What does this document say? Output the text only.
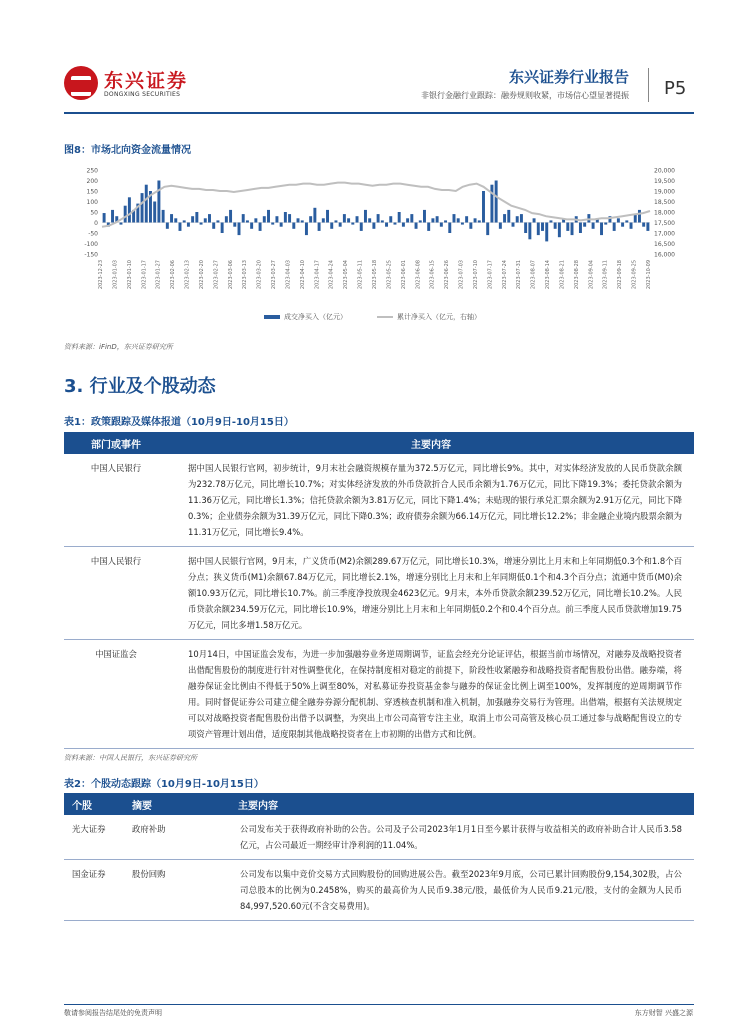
东兴证券
DONGXING SECURITIES
东兴证券行业报告
非银行金融行业跟踪：融券规则收紧，市场信心望显著提振 P5
图8：市场北向资金流量情况
250
200
150
100
50
0
-50
-100
-150
20,000
19,500
19,000
18,500
18,000
17,500
17,000
16,500
16,000
2023-12-23 2023-01-03 2023-01-10 2023-01-17 2023-01-27 2023-02-06 2023-02-13 2023-02-20 2023-02-27 2023-03-06 2023-03-13 2023-03-20 2023-03-27 2023-04-03 2023-04-10 2023-04-17 2023-04-24 2023-05-04 2023-05-11 2023-05-18 2023-05-25 2023-06-01 2023-06-08 2023-06-15 2023-06-26 2023-07-03 2023-07-10 2023-07-17 2023-07-24 2023-07-31 2023-08-07 2023-08-14 2023-08-21 2023-08-28 2023-09-04 2023-09-11 2023-09-18 2023-09-25 2023-10-09
成交净买入（亿元）	累计净买入（亿元，右轴）
资料来源：iFinD，东兴证券研究所
3. 行业及个股动态
表1：政策跟踪及媒体报道（10月9日-10月15日）
部门或事件	主要内容
中国人民银行	据中国人民银行官网，初步统计，9月末社会融资规模存量为372.5万亿元，同比增长9%。其中，对实体经济发放的人民币贷款余额为232.78万亿元，同比增长10.7%；对实体经济发放的外币贷款折合人民币余额为1.76万亿元，同比下降19.3%；委托贷款余额为11.36万亿元，同比增长1.3%；信托贷款余额为3.81万亿元，同比下降1.4%；未贴现的银行承兑汇票余额为2.91万亿元，同比下降0.3%；企业债券余额为31.39万亿元，同比下降0.3%；政府债券余额为66.14万亿元，同比增长12.2%；非金融企业境内股票余额为11.31万亿元，同比增长9.4%。
中国人民银行	据中国人民银行官网，9月末，广义货币(M2)余额289.67万亿元，同比增长10.3%，增速分别比上月末和上年同期低0.3个和1.8个百分点；狭义货币(M1)余额67.84万亿元，同比增长2.1%，增速分别比上月末和上年同期低0.1个和4.3个百分点；流通中货币(M0)余额10.93万亿元，同比增长10.7%。前三季度净投放现金4623亿元。9月末，本外币贷款余额239.52万亿元，同比增长10.2%。人民币贷款余额234.59万亿元，同比增长10.9%，增速分别比上月末和上年同期低0.2个和0.4个百分点。前三季度人民币贷款增加19.75万亿元，同比多增1.58万亿元。
中国证监会	10月14日，中国证监会发布，为进一步加强融券业务逆周期调节，证监会经充分论证评估，根据当前市场情况，对融券及战略投资者出借配售股份的制度进行针对性调整优化，在保持制度相对稳定的前提下，阶段性收紧融券和战略投资者配售股份出借。融券端，将融券保证金比例由不得低于50%上调至80%，对私募证券投资基金参与融券的保证金比例上调至100%，发挥制度的逆周期调节作用。同时督促证券公司建立健全融券券源分配机制、穿透核查机制和准入机制，加强融券交易行为管理。出借端，根据有关法规规定可以对战略投资者配售股份出借予以调整，为突出上市公司高管专注主业，取消上市公司高管及核心员工通过参与战略配售设立的专项资产管理计划出借，适度限制其他战略投资者在上市初期的出借方式和比例。
资料来源：中国人民银行，东兴证券研究所
表2：个股动态跟踪（10月9日-10月15日）
个股	摘要	主要内容
光大证券	政府补助	公司发布关于获得政府补助的公告。公司及子公司2023年1月1日至今累计获得与收益相关的政府补助合计人民币3.58亿元，占公司最近一期经审计净利润的11.04%。
国金证券	股份回购	公司发布以集中竞价交易方式回购股份的回购进展公告。截至2023年9月底，公司已累计回购股份9,154,302股，占公司总股本的比例为0.2458%，购买的最高价为人民币9.38元/股，最低价为人民币9.21元/股，支付的金额为人民币84,997,520.60元(不含交易费用)。
敬请参阅报告结尾处的免责声明	东方财智 兴盛之源
